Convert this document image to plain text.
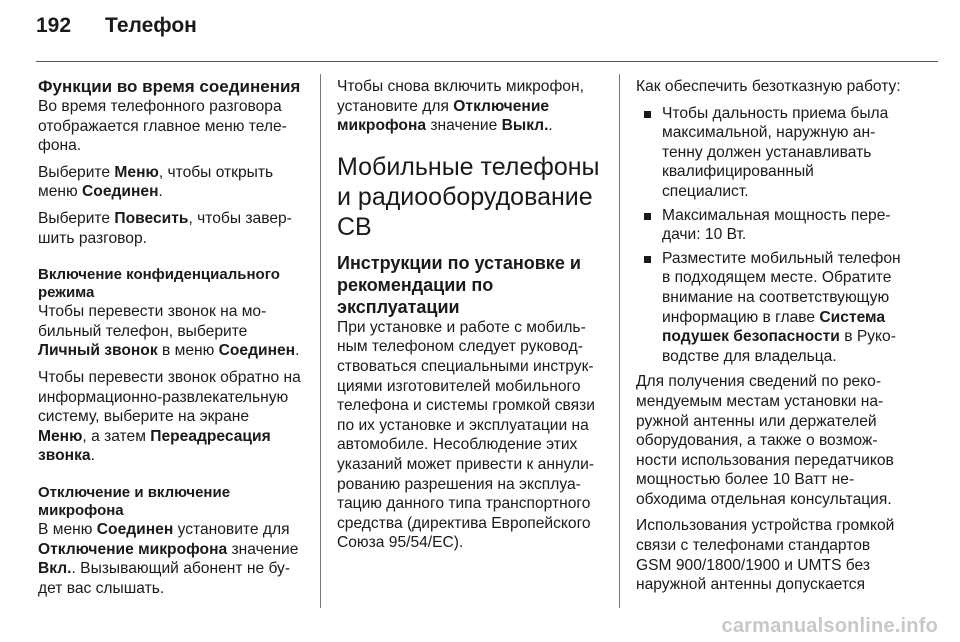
192 Телефон
Функции во время соединения

Во время телефонного разговора отображается главное меню телефона.

Выберите Меню, чтобы открыть меню Соединен.

Выберите Повесить, чтобы завершить разговор.

Включение конфиденциального режима

Чтобы перевести звонок на мобильный телефон, выберите Личный звонок в меню Соединен.

Чтобы перевести звонок обратно на информационно-развлекательную систему, выберите на экране Меню, а затем Переадресация звонка.

Отключение и включение микрофона

В меню Соединен установите для Отключение микрофона значение Вкл.. Вызывающий абонент не будет вас слышать.

Чтобы снова включить микрофон, установите для Отключение микрофона значение Выкл..

Мобильные телефоны и радиооборудование CB
Инструкции по установке и рекомендации по эксплуатации

При установке и работе с мобильным телефоном следует руководствоваться специальными инструкциями изготовителей мобильного телефона и системы громкой связи по их установке и эксплуатации на автомобиле. Несоблюдение этих указаний может привести к аннулированию разрешения на эксплуатацию данного типа транспортного средства (директива Европейского Союза 95/54/EC).

Как обеспечить безотказную работу:

Чтобы дальность приема была максимальной, наружную антенну должен устанавливать квалифицированный специалист.
Максимальная мощность передачи: 10 Вт.
Разместите мобильный телефон в подходящем месте. Обратите внимание на соответствующую информацию в главе Система подушек безопасности в Руководстве для владельца.

Для получения сведений по рекомендуемым местам установки наружной антенны или держателей оборудования, а также о возможности использования передатчиков мощностью более 10 Ватт необходима отдельная консультация.

Использования устройства громкой связи с телефонами стандартов GSM 900/1800/1900 и UMTS без наружной антенны допускается

carmanualsonline.info
